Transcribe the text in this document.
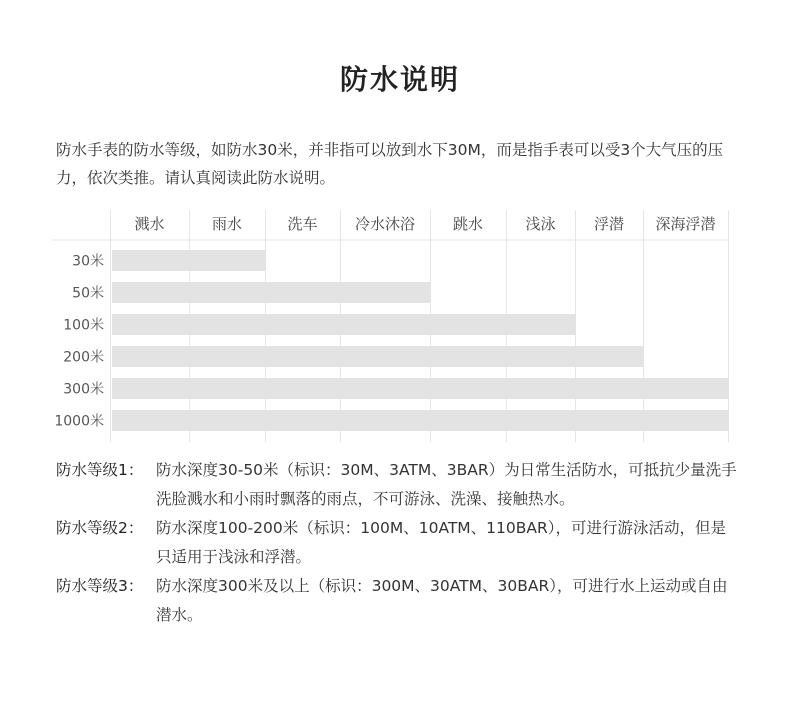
防水说明
防水手表的防水等级，如防水30米，并非指可以放到水下30M，而是指手表可以受3个大气压的压力，依次类推。请认真阅读此防水说明。
溅水	雨水	洗车 冷水沐浴	跳水	浅泳	浮潜 深海浮潜
30米
50米
100米
200米
300米
1000米
防水等级1： 防水深度30-50米（标识：30M、3ATM、3BAR）为日常生活防水，可抵抗少量洗手洗脸溅水和小雨时飘落的雨点，不可游泳、洗澡、接触热水。
防水等级2： 防水深度100-200米（标识：100M、10ATM、110BAR），可进行游泳活动，但是只适用于浅泳和浮潜。
防水等级3： 防水深度300米及以上（标识：300M、30ATM、30BAR），可进行水上运动或自由潜水。
